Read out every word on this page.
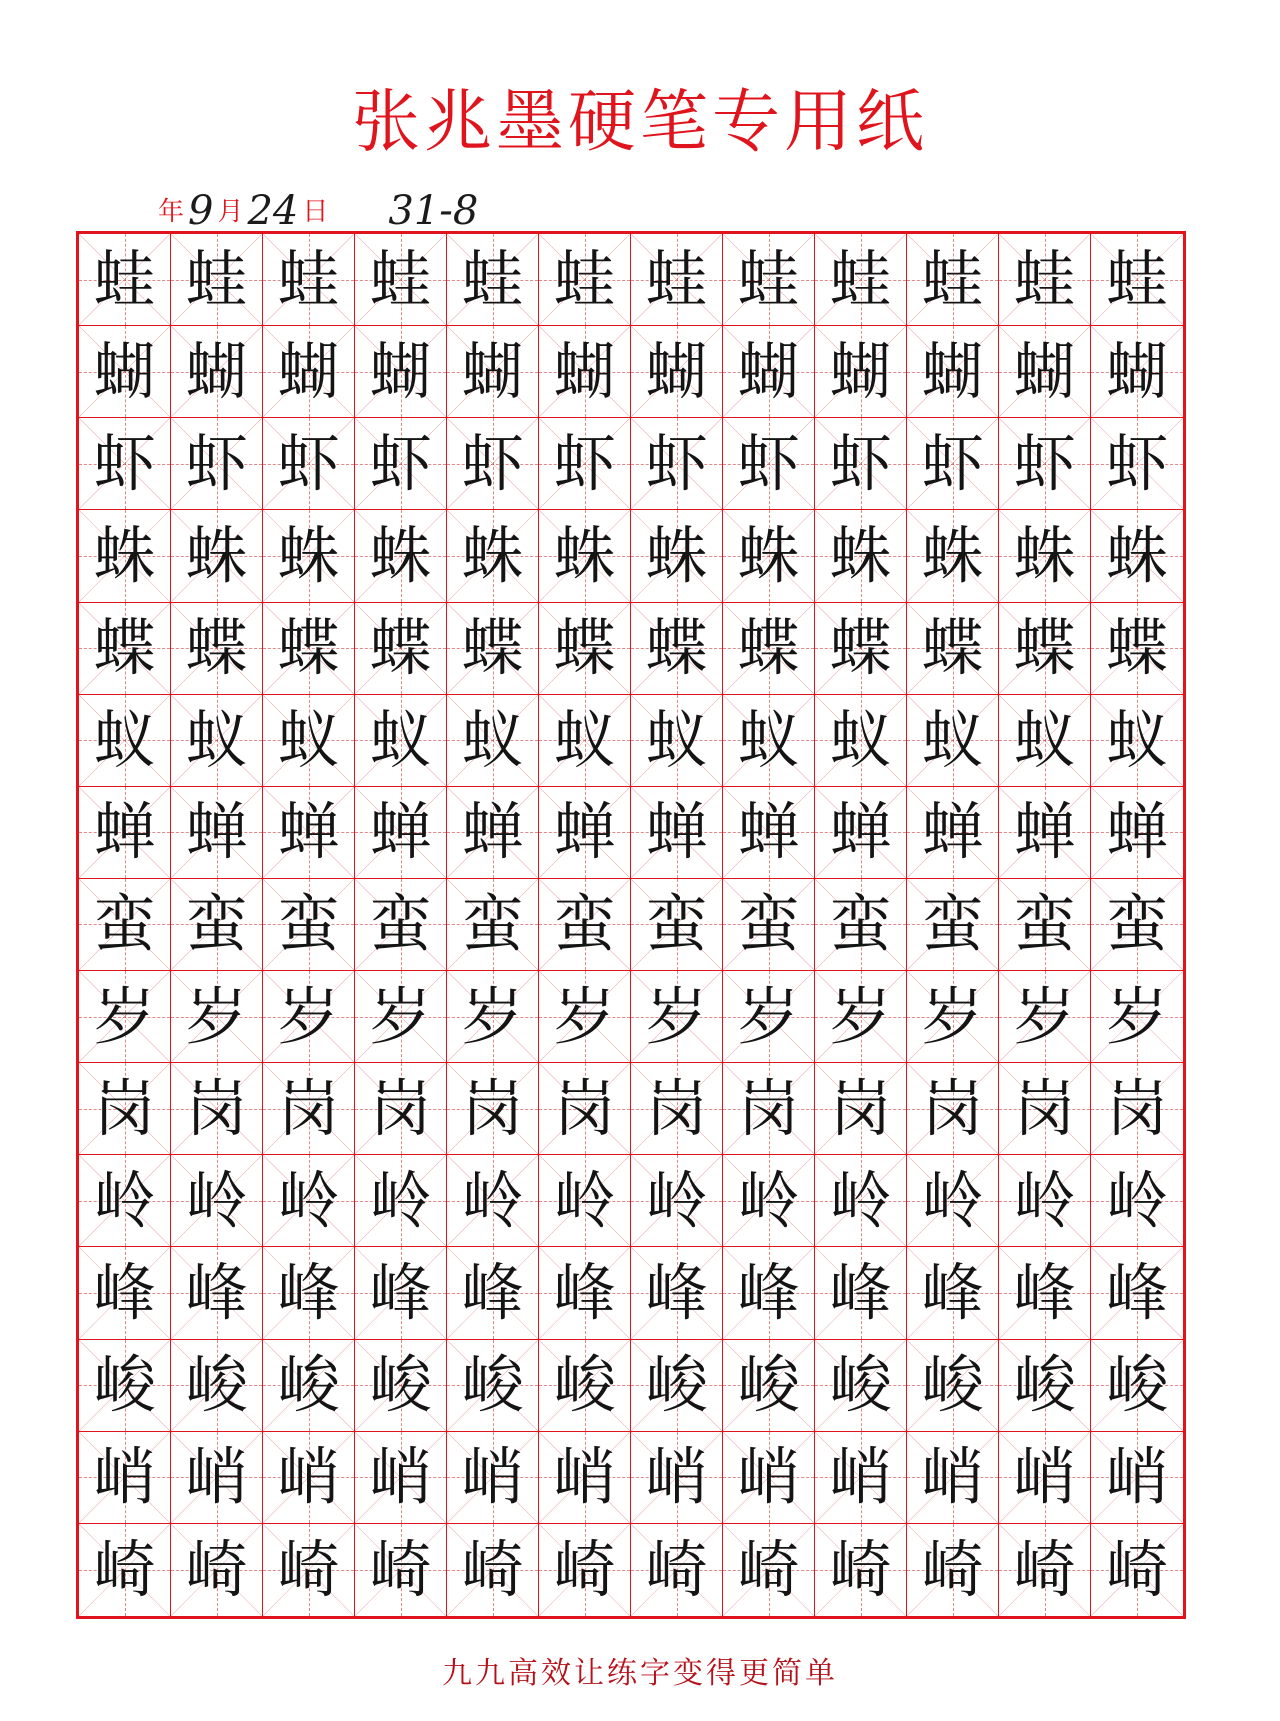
张兆墨硬笔专用纸
年 9 月 24 日 31-8
蛙 蛙 蛙 蛙 蛙 蛙 蛙 蛙 蛙 蛙 蛙 蛙
蝴 蝴 蝴 蝴 蝴 蝴 蝴 蝴 蝴 蝴 蝴 蝴
虾 虾 虾 虾 虾 虾 虾 虾 虾 虾 虾 虾
蛛 蛛 蛛 蛛 蛛 蛛 蛛 蛛 蛛 蛛 蛛 蛛
蝶 蝶 蝶 蝶 蝶 蝶 蝶 蝶 蝶 蝶 蝶 蝶
蚁 蚁 蚁 蚁 蚁 蚁 蚁 蚁 蚁 蚁 蚁 蚁
蝉 蝉 蝉 蝉 蝉 蝉 蝉 蝉 蝉 蝉 蝉 蝉
蛮 蛮 蛮 蛮 蛮 蛮 蛮 蛮 蛮 蛮 蛮 蛮
岁 岁 岁 岁 岁 岁 岁 岁 岁 岁 岁 岁
岗 岗 岗 岗 岗 岗 岗 岗 岗 岗 岗 岗
岭 岭 岭 岭 岭 岭 岭 岭 岭 岭 岭 岭
峰 峰 峰 峰 峰 峰 峰 峰 峰 峰 峰 峰
峻 峻 峻 峻 峻 峻 峻 峻 峻 峻 峻 峻
峭 峭 峭 峭 峭 峭 峭 峭 峭 峭 峭 峭
崎 崎 崎 崎 崎 崎 崎 崎 崎 崎 崎 崎
九九高效让练字变得更简单
